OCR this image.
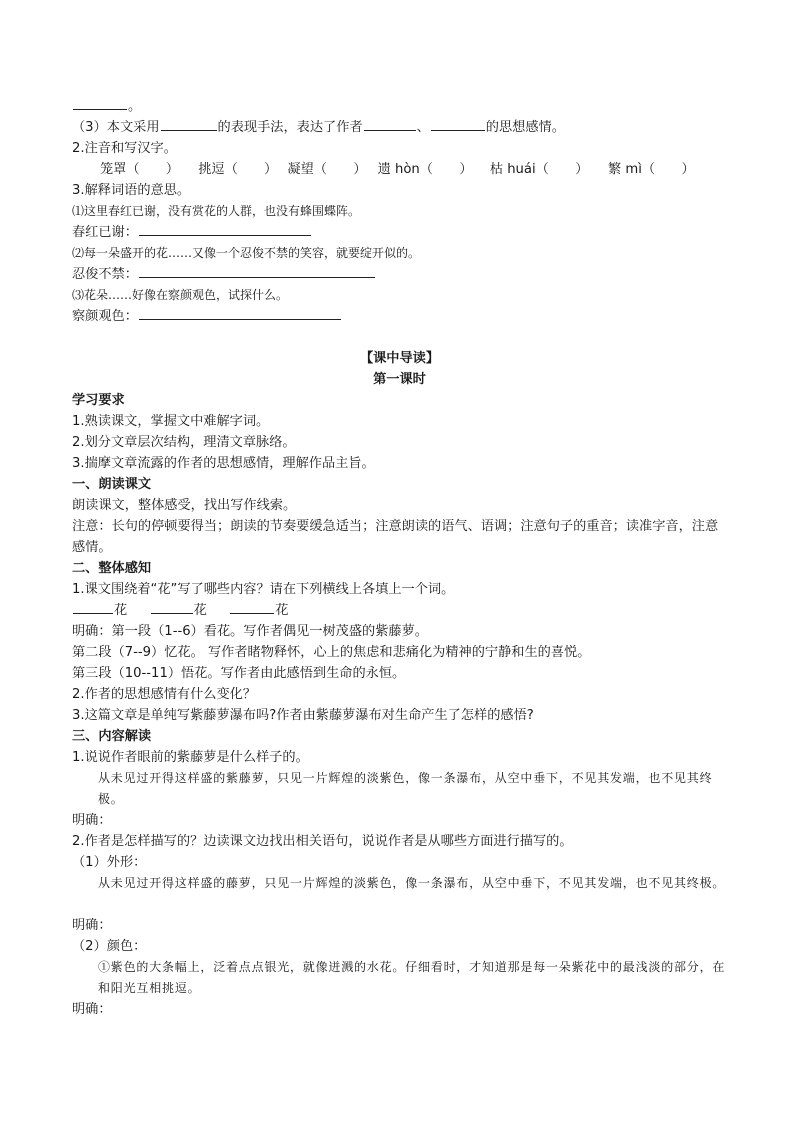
。
（3）本文采用	的表现手法，表达了作者	、	的思想感情。
2.注音和写汉字。
笼罩（　　） 挑逗（　　） 凝望（　　） 遗 hòn（　　） 枯 huái（　　） 繁 mì（　　）
3.解释词语的意思。
⑴这里春红已谢，没有赏花的人群，也没有蜂围蝶阵。
春红已谢：
⑵每一朵盛开的花……又像一个忍俊不禁的笑容，就要绽开似的。
忍俊不禁：
⑶花朵……好像在察颜观色，试探什么。
察颜观色：
【课中导读】
第一课时
学习要求
1.熟读课文，掌握文中难解字词。
2.划分文章层次结构，理清文章脉络。
3.揣摩文章流露的作者的思想感情，理解作品主旨。
一、朗读课文
朗读课文，整体感受，找出写作线索。
注意：长句的停顿要得当；朗读的节奏要缓急适当；注意朗读的语气、语调；注意句子的重音；读准字音，注意感情。
二、整体感知
1.课文围绕着“花”写了哪些内容？请在下列横线上各填上一个词。
花	花	花
明确：第一段（1--6）看花。写作者偶见一树茂盛的紫藤萝。
第二段（7--9）忆花。 写作者睹物释怀，心上的焦虑和悲痛化为精神的宁静和生的喜悦。
第三段（10--11）悟花。写作者由此感悟到生命的永恒。
2.作者的思想感情有什么变化？
3.这篇文章是单纯写紫藤萝瀑布吗?作者由紫藤萝瀑布对生命产生了怎样的感悟?
三、内容解读
1.说说作者眼前的紫藤萝是什么样子的。
从未见过开得这样盛的紫藤萝，只见一片辉煌的淡紫色，像一条瀑布，从空中垂下，不见其发端，也不见其终极。
明确：
2.作者是怎样描写的？边读课文边找出相关语句，说说作者是从哪些方面进行描写的。
（1）外形：
从未见过开得这样盛的藤萝，只见一片辉煌的淡紫色，像一条瀑布，从空中垂下，不见其发端，也不见其终极。
明确：
（2）颜色：
①紫色的大条幅上，泛着点点银光，就像迸溅的水花。仔细看时，才知道那是每一朵紫花中的最浅淡的部分，在和阳光互相挑逗。
明确：
